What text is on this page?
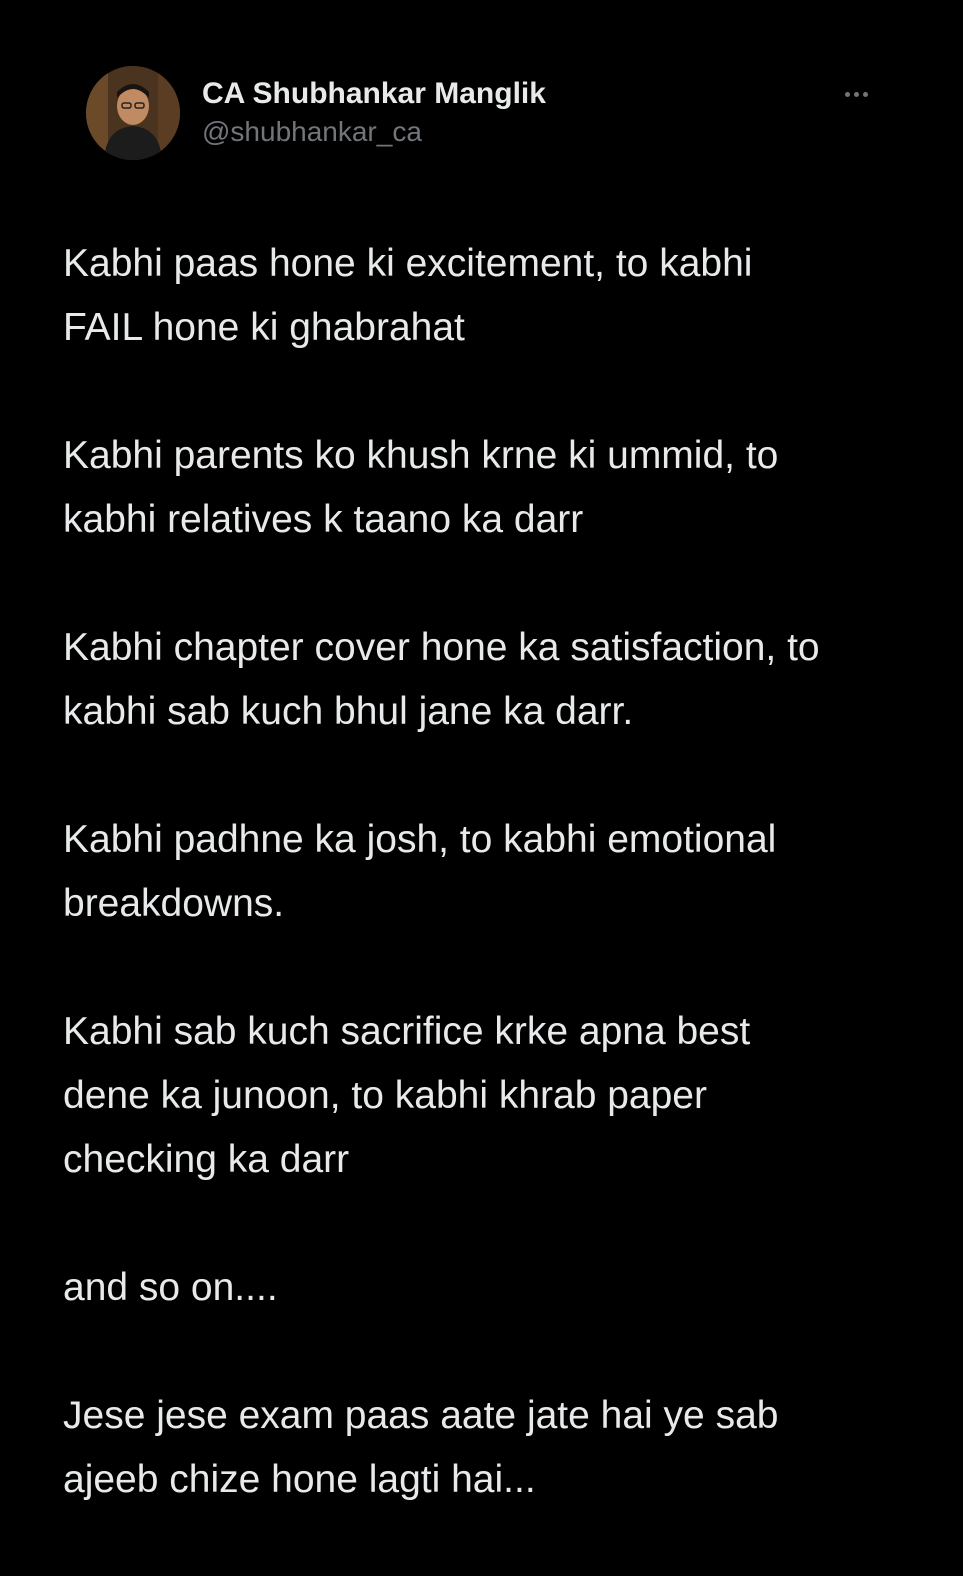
CA Shubhankar Manglik
@shubhankar_ca

Kabhi paas hone ki excitement, to kabhi
FAIL hone ki ghabrahat

Kabhi parents ko khush krne ki ummid, to
kabhi relatives k taano ka darr

Kabhi chapter cover hone ka satisfaction, to
kabhi sab kuch bhul jane ka darr.

Kabhi padhne ka josh, to kabhi emotional
breakdowns.

Kabhi sab kuch sacrifice krke apna best
dene ka junoon, to kabhi khrab paper
checking ka darr

and so on....

Jese jese exam paas aate jate hai ye sab
ajeeb chize hone lagti hai...
